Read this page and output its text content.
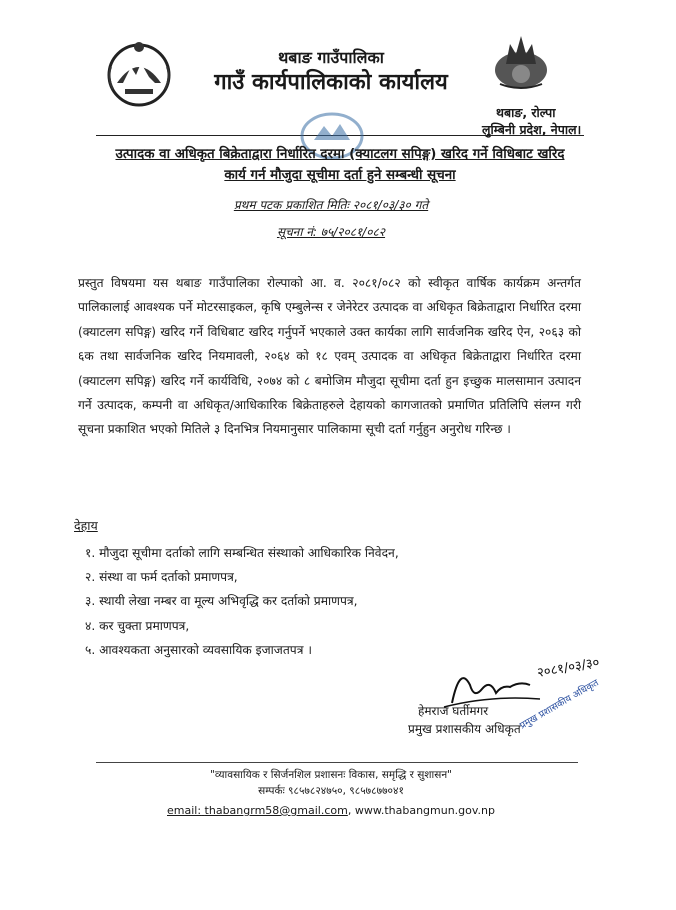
थबाङ गाउँपालिका
गाउँ कार्यपालिकाको कार्यालय
थबाङ, रोल्पा
लुम्बिनी प्रदेश, नेपाल।
उत्पादक वा अधिकृत बिक्रेताद्वारा निर्धारित दरमा (क्याटलग सपिङ्ग) खरिद गर्ने विधिबाट खरिद
कार्य गर्न मौजुदा सूचीमा दर्ता हुने सम्बन्धी सूचना
प्रथम पटक प्रकाशित मितिः २०८१/०३/३० गते
सूचना नं: ७५/२०८१/०८२
प्रस्तुत विषयमा यस थबाङ गाउँपालिका रोल्पाको आ. व. २०८१/०८२ को स्वीकृत वार्षिक कार्यक्रम अन्तर्गत पालिकालाई आवश्यक पर्ने मोटरसाइकल, कृषि एम्बुलेन्स र जेनेरेटर उत्पादक वा अधिकृत बिक्रेताद्वारा निर्धारित दरमा (क्याटलग सपिङ्ग) खरिद गर्ने विधिबाट खरिद गर्नुपर्ने भएकाले उक्त कार्यका लागि सार्वजनिक खरिद ऐन, २०६३ को ६क तथा सार्वजनिक खरिद नियमावली, २०६४ को १८ एवम् उत्पादक वा अधिकृत बिक्रेताद्वारा निर्धारित दरमा (क्याटलग सपिङ्ग) खरिद गर्ने कार्यविधि, २०७४ को ८ बमोजिम मौजुदा सूचीमा दर्ता हुन इच्छुक मालसामान उत्पादन गर्ने उत्पादक, कम्पनी वा अधिकृत/आधिकारिक बिक्रेताहरुले देहायको कागजातको प्रमाणित प्रतिलिपि संलग्न गरी सूचना प्रकाशित भएको मितिले ३ दिनभित्र नियमानुसार पालिकामा सूची दर्ता गर्नुहुन अनुरोध गरिन्छ ।
देहाय
१. मौजुदा सूचीमा दर्ताको लागि सम्बन्धित संस्थाको आधिकारिक निवेदन,
२. संस्था वा फर्म दर्ताको प्रमाणपत्र,
३. स्थायी लेखा नम्बर वा मूल्य अभिवृद्धि कर दर्ताको प्रमाणपत्र,
४. कर चुक्ता प्रमाणपत्र,
५. आवश्यकता अनुसारको व्यवसायिक इजाजतपत्र ।
२०८१/०३/३०
प्रमुख प्रशासकीय अधिकृत
हेमराज घर्तीमगर
प्रमुख प्रशासकीय अधिकृत
"व्यावसायिक र सिर्जनशिल प्रशासनः विकास, समृद्धि र सुशासन"
सम्पर्कः ९८५७८२४७५०, ९८५७८७७०४१
email: thabangrm58@gmail.com, www.thabangmun.gov.np
